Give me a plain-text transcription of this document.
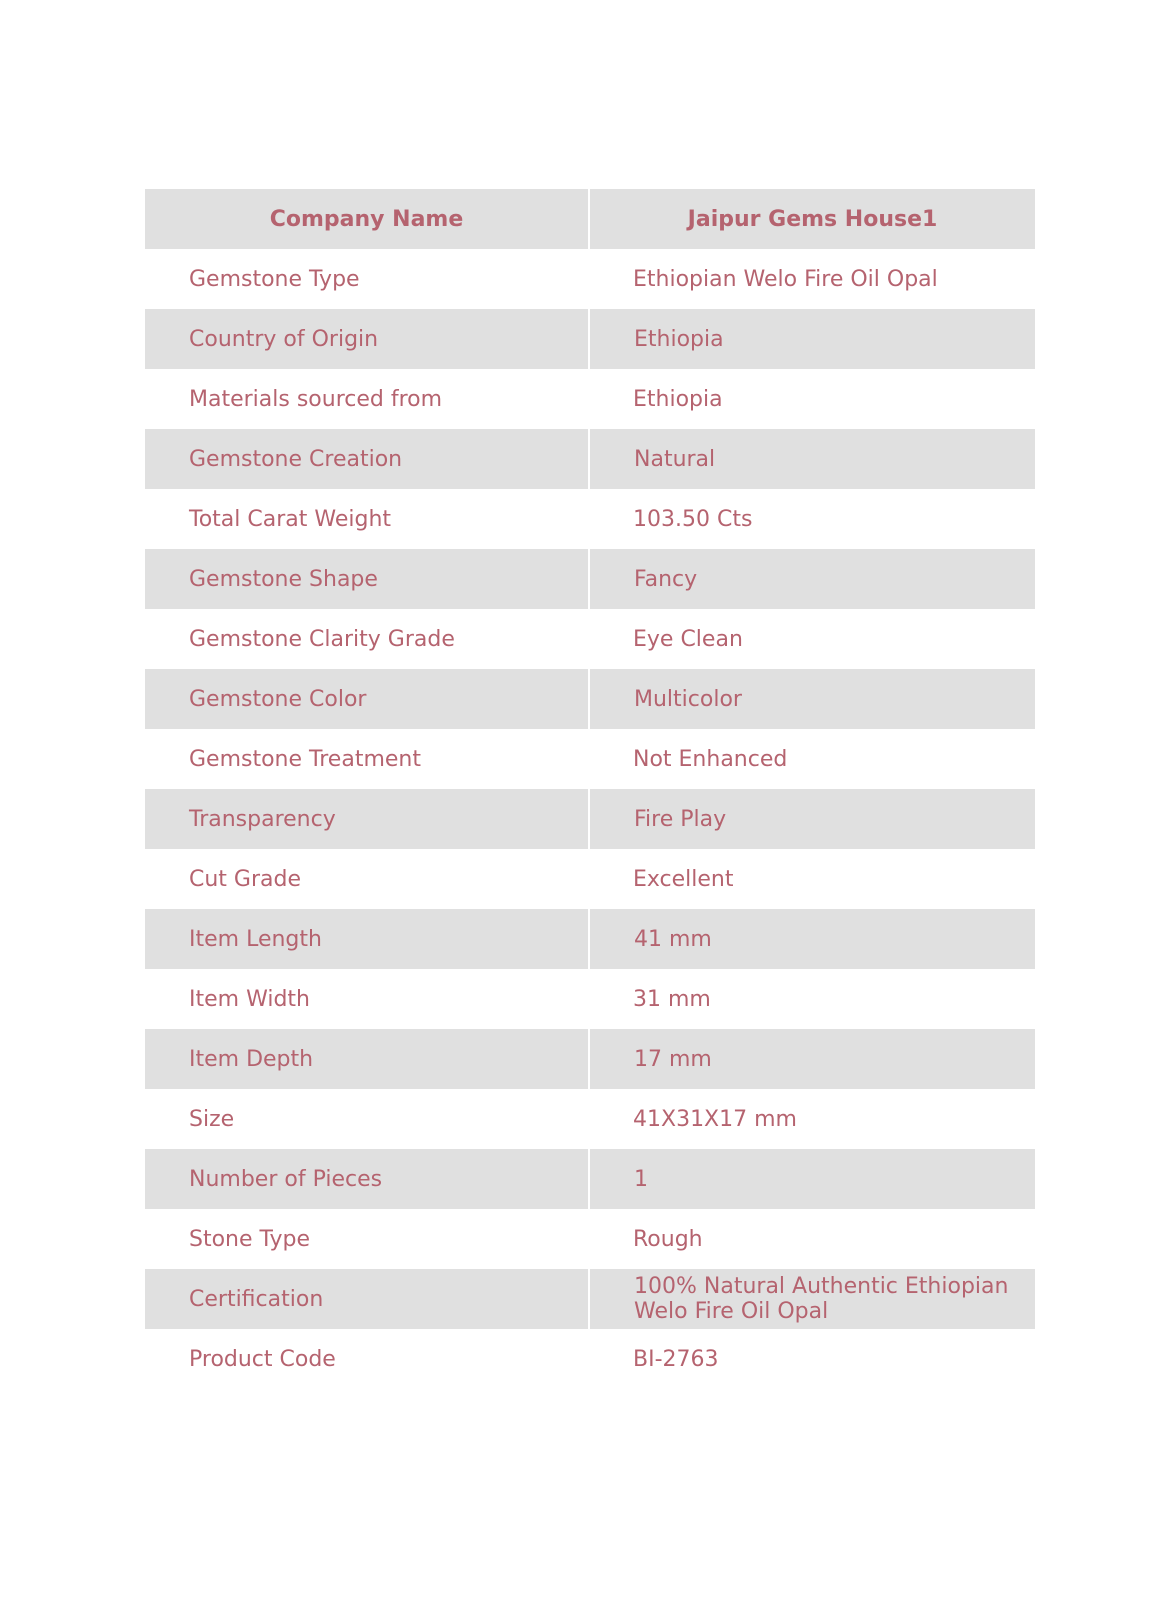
Company Name	Jaipur Gems House1
Gemstone Type	Ethiopian Welo Fire Oil Opal
Country of Origin	Ethiopia
Materials sourced from	Ethiopia
Gemstone Creation	Natural
Total Carat Weight	103.50 Cts
Gemstone Shape	Fancy
Gemstone Clarity Grade	Eye Clean
Gemstone Color	Multicolor
Gemstone Treatment	Not Enhanced
Transparency	Fire Play
Cut Grade	Excellent
Item Length	41 mm
Item Width	31 mm
Item Depth	17 mm
Size	41X31X17 mm
Number of Pieces	1
Stone Type	Rough
Certification	100% Natural Authentic Ethiopian Welo Fire Oil Opal
Product Code	BI-2763
